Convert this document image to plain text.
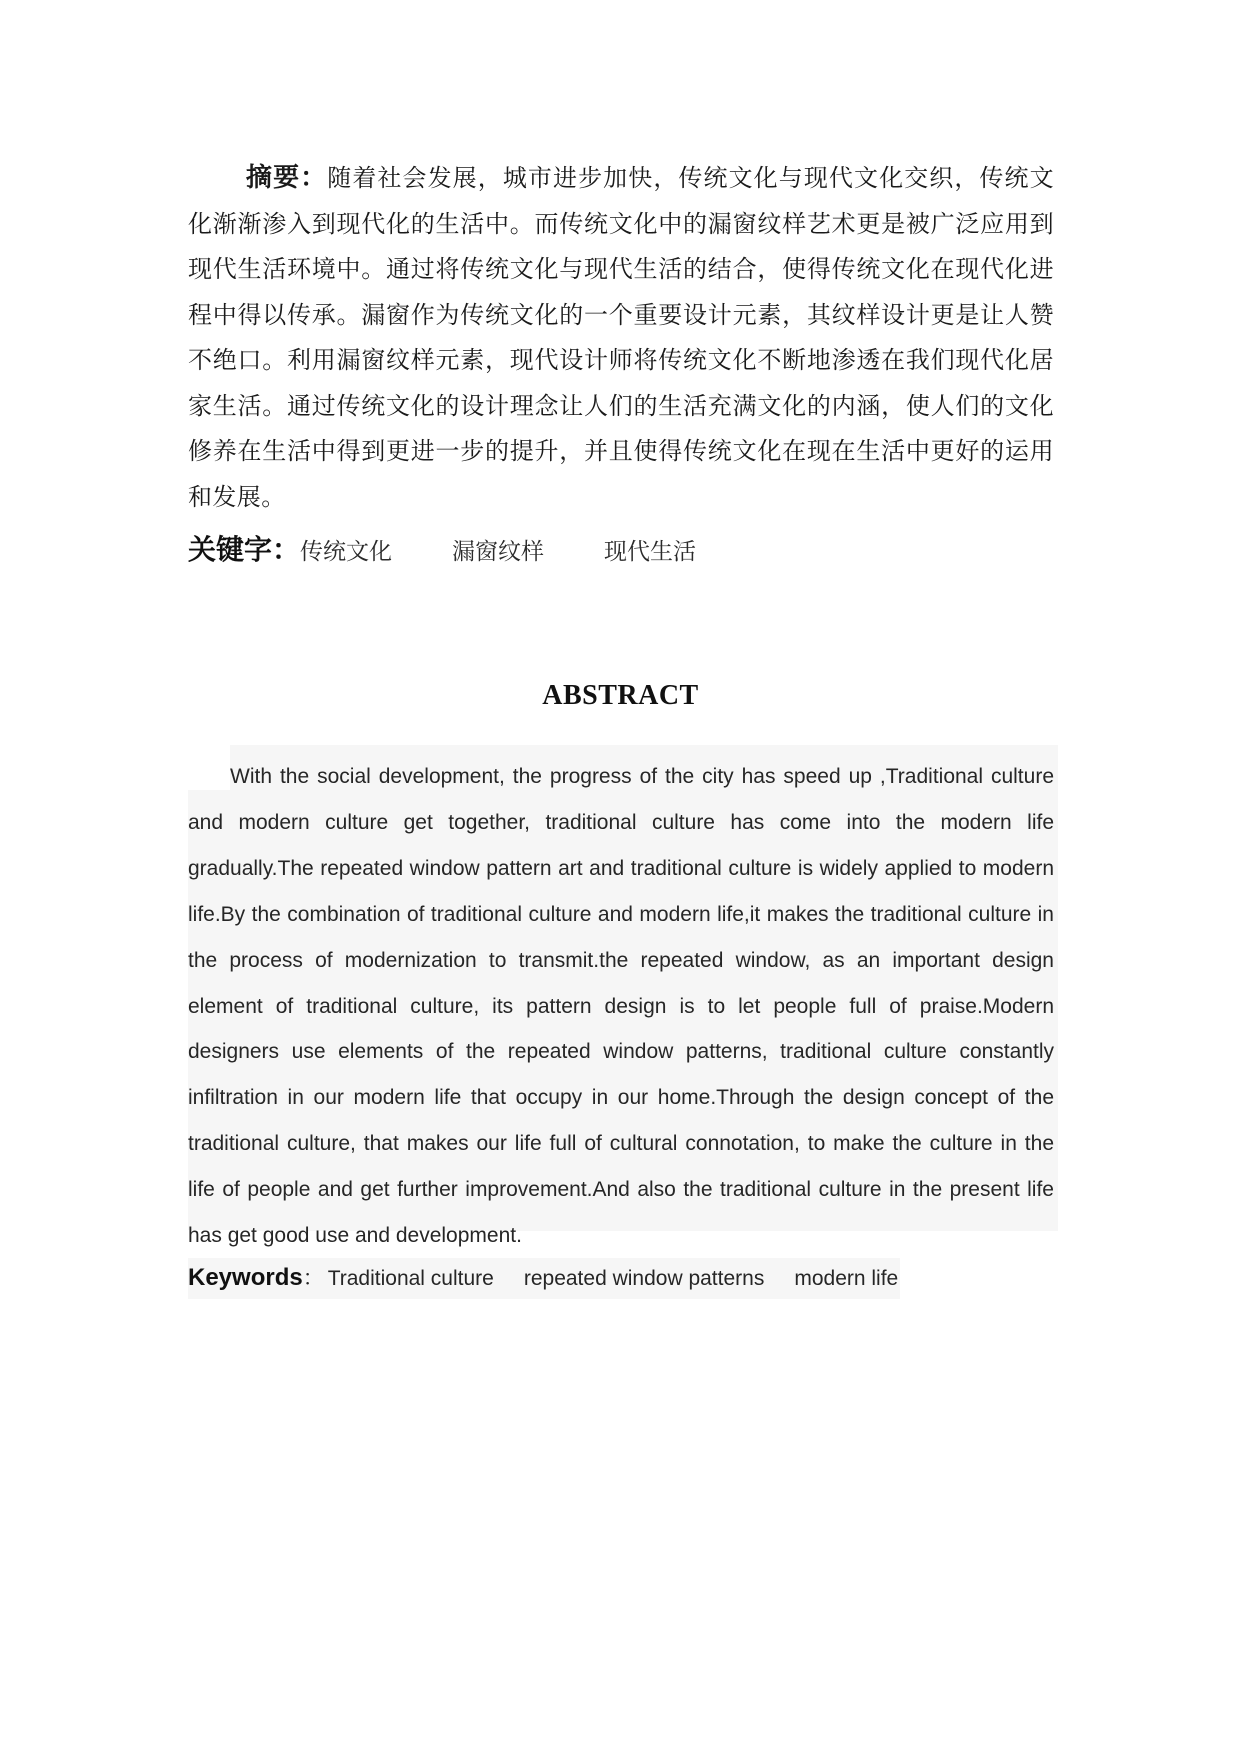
摘要：随着社会发展，城市进步加快，传统文化与现代文化交织，传统文化渐渐渗入到现代化的生活中。而传统文化中的漏窗纹样艺术更是被广泛应用到现代生活环境中。通过将传统文化与现代生活的结合，使得传统文化在现代化进程中得以传承。漏窗作为传统文化的一个重要设计元素，其纹样设计更是让人赞不绝口。利用漏窗纹样元素，现代设计师将传统文化不断地渗透在我们现代化居家生活。通过传统文化的设计理念让人们的生活充满文化的内涵，使人们的文化修养在生活中得到更进一步的提升，并且使得传统文化在现在生活中更好的运用和发展。

关键字：传统文化	漏窗纹样	现代生活

ABSTRACT

With the social development, the progress of the city has speed up ,Traditional culture and modern culture get together, traditional culture has come into the modern life gradually.The repeated window pattern art and traditional culture is widely applied to modern life.By the combination of traditional culture and modern life,it makes the traditional culture in the process of modernization to transmit.the repeated window, as an important design element of traditional culture, its pattern design is to let people full of praise.Modern designers use elements of the repeated window patterns, traditional culture constantly infiltration in our modern life that occupy in our home.Through the design concept of the traditional culture, that makes our life full of cultural connotation, to make the culture in the life of people and get further improvement.And also the traditional culture in the present life has get good use and development.

Keywords： Traditional culture repeated window patterns modern life
